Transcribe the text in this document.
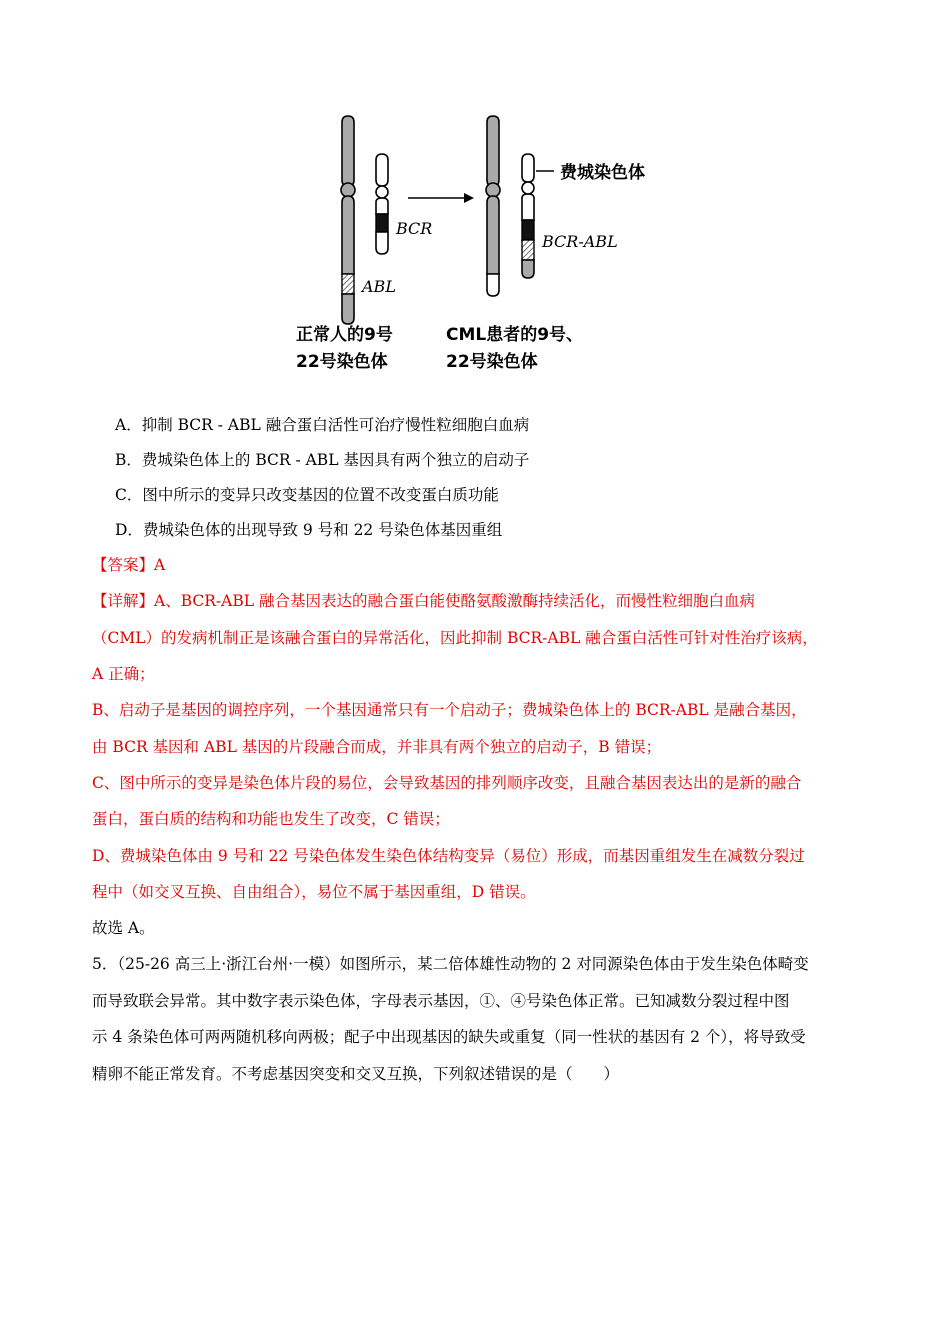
BCR
ABL
费城染色体
BCR-ABL
正常人的9号
22号染色体
CML患者的9号、
22号染色体
A．抑制 BCR - ABL 融合蛋白活性可治疗慢性粒细胞白血病
B．费城染色体上的 BCR - ABL 基因具有两个独立的启动子
C．图中所示的变异只改变基因的位置不改变蛋白质功能
D．费城染色体的出现导致 9 号和 22 号染色体基因重组
【答案】A
【详解】A、BCR-ABL 融合基因表达的融合蛋白能使酪氨酸激酶持续活化，而慢性粒细胞白血病
（CML）的发病机制正是该融合蛋白的异常活化，因此抑制 BCR-ABL 融合蛋白活性可针对性治疗该病，
A 正确；
B、启动子是基因的调控序列，一个基因通常只有一个启动子；费城染色体上的 BCR-ABL 是融合基因，
由 BCR 基因和 ABL 基因的片段融合而成，并非具有两个独立的启动子，B 错误；
C、图中所示的变异是染色体片段的易位，会导致基因的排列顺序改变，且融合基因表达出的是新的融合
蛋白，蛋白质的结构和功能也发生了改变，C 错误；
D、费城染色体由 9 号和 22 号染色体发生染色体结构变异（易位）形成，而基因重组发生在减数分裂过
程中（如交叉互换、自由组合），易位不属于基因重组，D 错误。
故选 A。
5．（25-26 高三上·浙江台州·一模）如图所示，某二倍体雄性动物的 2 对同源染色体由于发生染色体畸变
而导致联会异常。其中数字表示染色体，字母表示基因，①、④号染色体正常。已知减数分裂过程中图
示 4 条染色体可两两随机移向两极；配子中出现基因的缺失或重复（同一性状的基因有 2 个），将导致受
精卵不能正常发育。不考虑基因突变和交叉互换，下列叙述错误的是（　　）
